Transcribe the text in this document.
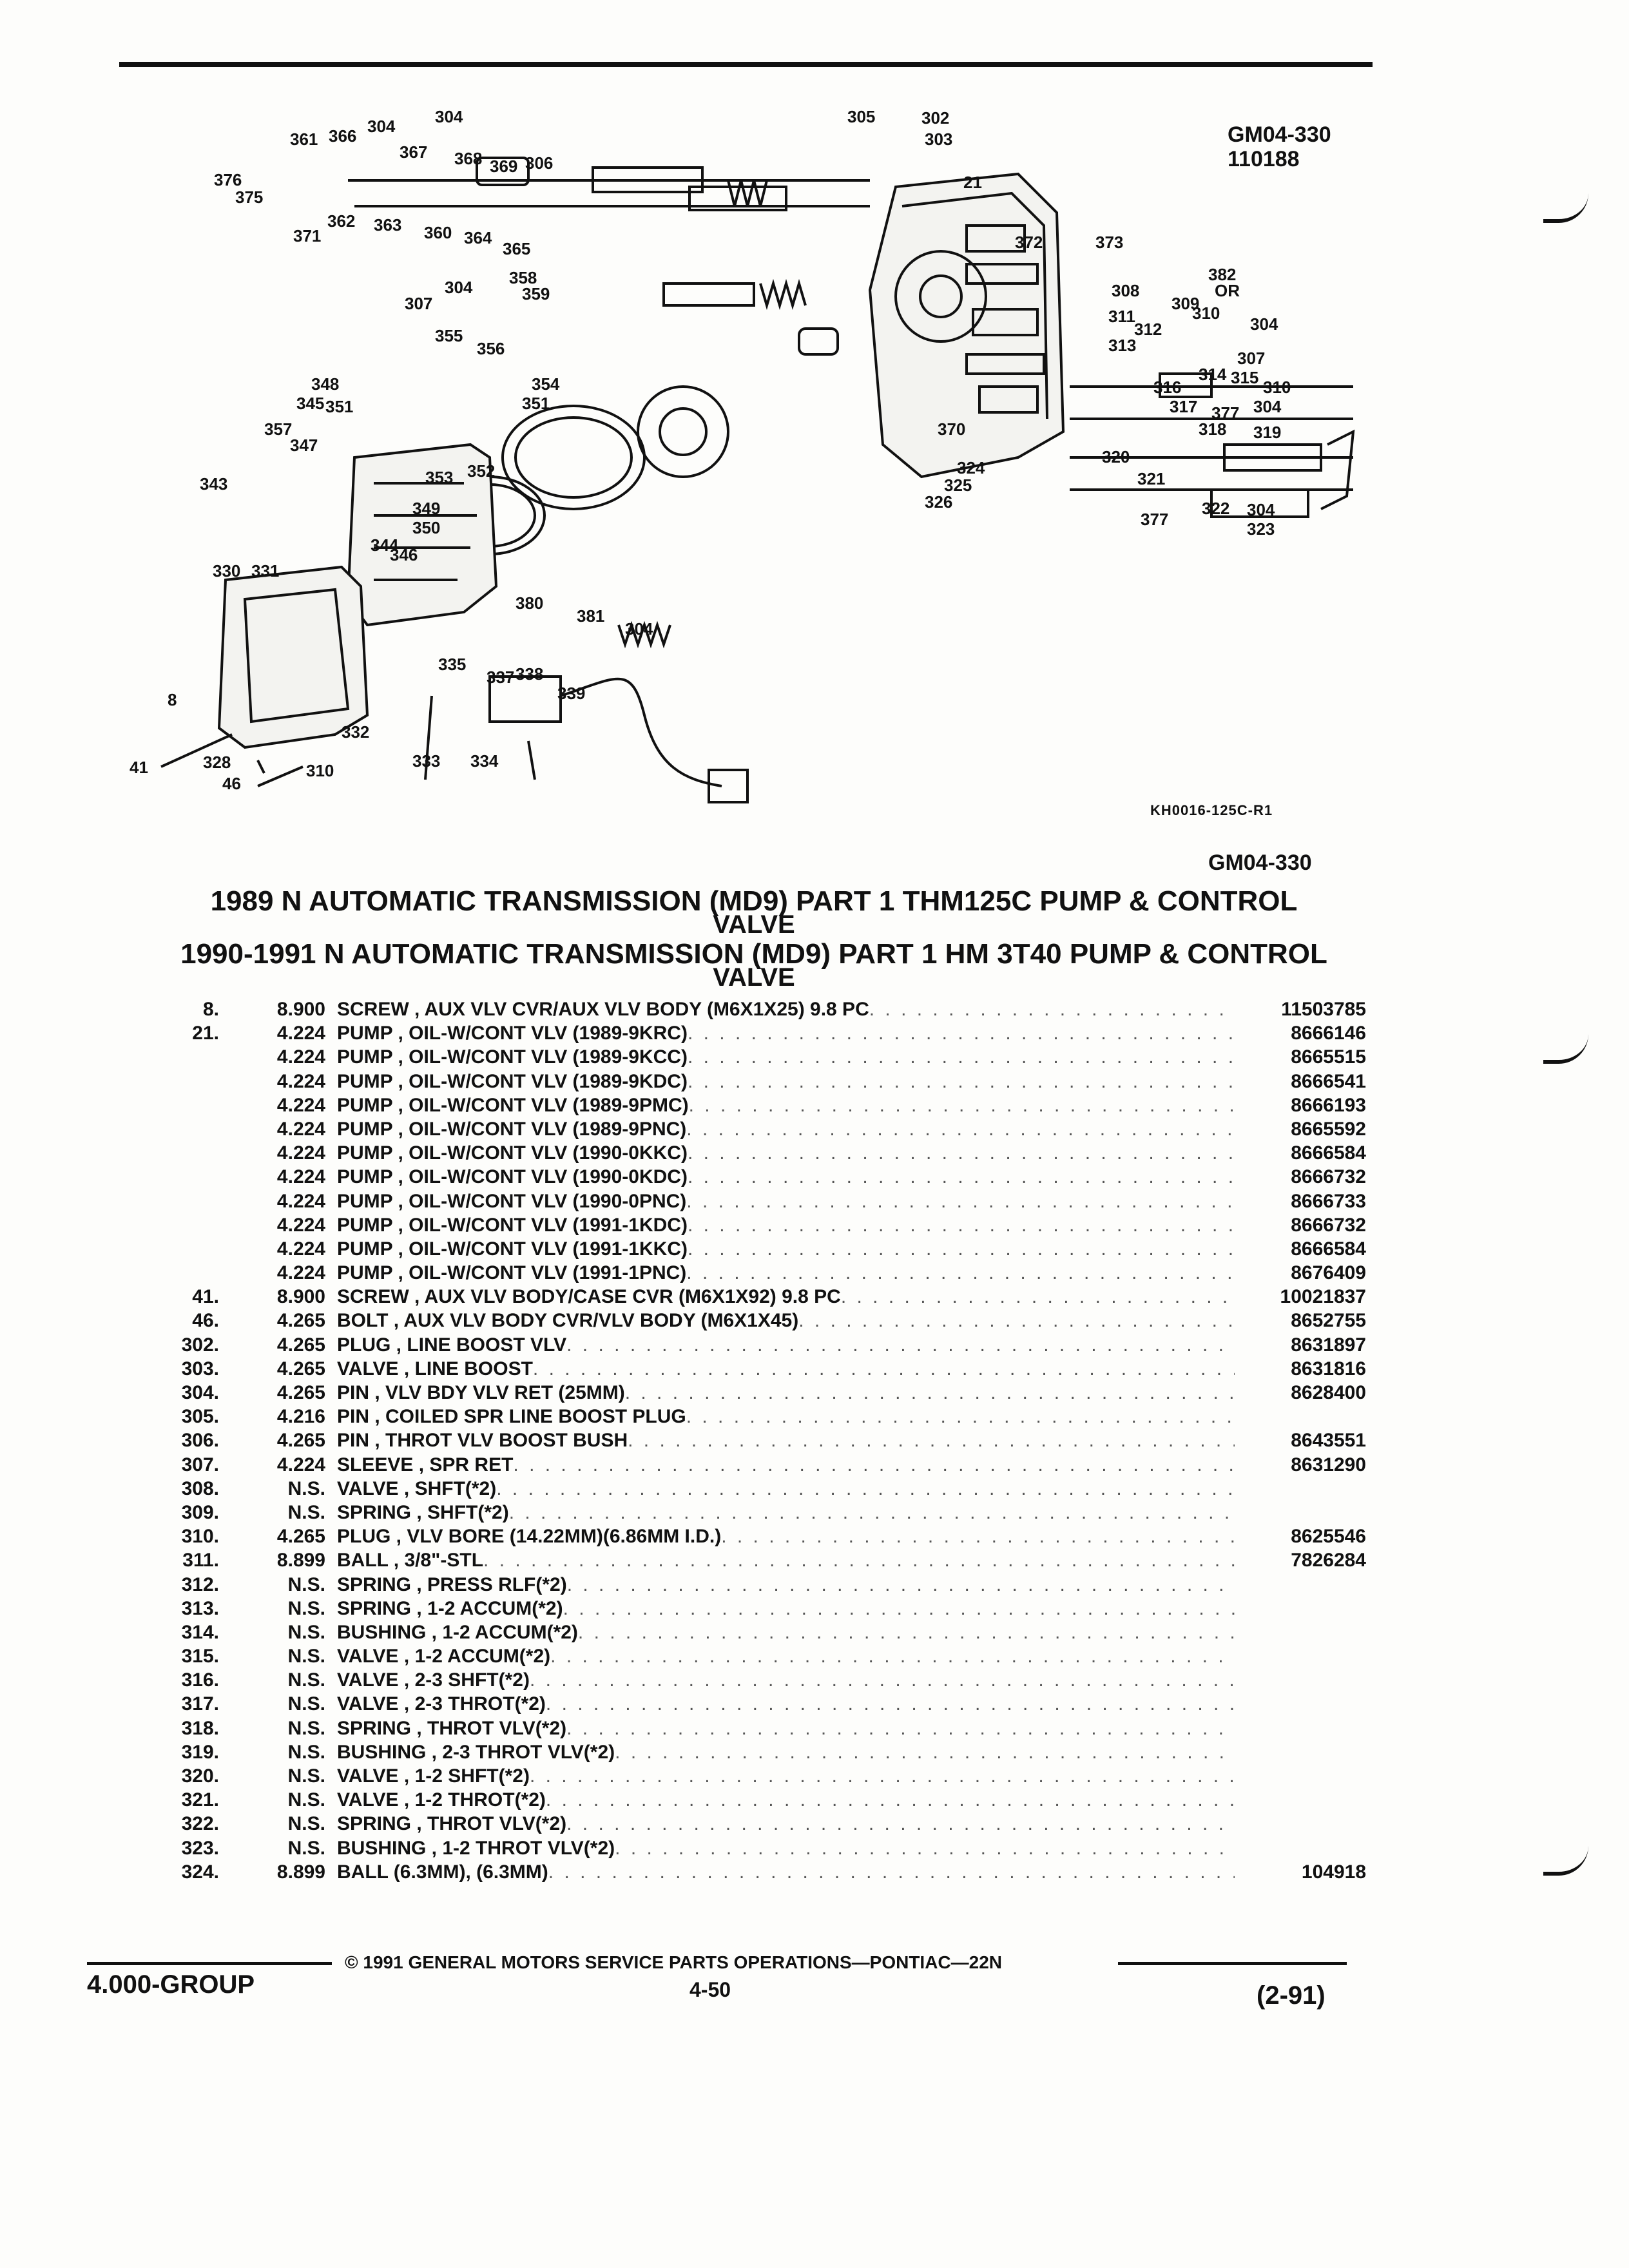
GM04-330
110188
305	302
303
304
366
361
367 368 369 306
304
376
375
21
362 363 360 364
365
371	372	373
382
OR
309
310
304
308
358
359
304
307
311
312
313
307
355
356
354
351
314 315 310
304
316
317 377
318 319
348
345 351
357
347
370
324
325
326
320
321
322 304
323
377
343	353 352
349
350
344
346
330 331
380
381
304
335
337 338
339
8
332
41	328
46
310	333 334
KH0016-125C-R1
GM04-330
1989 N AUTOMATIC TRANSMISSION (MD9) PART 1 THM125C PUMP & CONTROL
VALVE
1990-1991 N AUTOMATIC TRANSMISSION (MD9) PART 1 HM 3T40 PUMP & CONTROL
VALVE
8.	8.900 SCREW , AUX VLV CVR/AUX VLV BODY (M6X1X25) 9.8 PC . . .	11503785
21.	4.224 PUMP , OIL-W/CONT VLV (1989-9KRC) . . .	8666146
4.224 PUMP , OIL-W/CONT VLV (1989-9KCC) . . .	8665515
4.224 PUMP , OIL-W/CONT VLV (1989-9KDC) . . .	8666541
4.224 PUMP , OIL-W/CONT VLV (1989-9PMC) . . .	8666193
4.224 PUMP , OIL-W/CONT VLV (1989-9PNC) . . .	8665592
4.224 PUMP , OIL-W/CONT VLV (1990-0KKC) . . .	8666584
4.224 PUMP , OIL-W/CONT VLV (1990-0KDC) . . .	8666732
4.224 PUMP , OIL-W/CONT VLV (1990-0PNC) . . .	8666733
4.224 PUMP , OIL-W/CONT VLV (1991-1KDC) . . .	8666732
4.224 PUMP , OIL-W/CONT VLV (1991-1KKC) . . .	8666584
4.224 PUMP , OIL-W/CONT VLV (1991-1PNC) . . .	8676409
41.	8.900 SCREW , AUX VLV BODY/CASE CVR (M6X1X92) 9.8 PC . . .	10021837
46.	4.265 BOLT , AUX VLV BODY CVR/VLV BODY (M6X1X45) . . .	8652755
302.	4.265 PLUG , LINE BOOST VLV . . .	8631897
303.	4.265 VALVE , LINE BOOST . . .	8631816
304.	4.265 PIN , VLV BDY VLV RET (25MM) . . .	8628400
305.	4.216 PIN , COILED SPR LINE BOOST PLUG
. . .
306.	4.265 PIN , THROT VLV BOOST BUSH . . .	8643551
307.	4.224 SLEEVE , SPR RET . . .	8631290
308.	N.S. VALVE , SHFT(*2)
. . .
309.	N.S. SPRING , SHFT(*2)
. . .
310.	4.265 PLUG , VLV BORE (14.22MM)(6.86MM I.D.) . . .	8625546
311.	8.899 BALL , 3/8"-STL . . .	7826284
312.	N.S. SPRING , PRESS RLF(*2)
. . .
313.	N.S. SPRING , 1-2 ACCUM(*2)
. . .
314.	N.S. BUSHING , 1-2 ACCUM(*2)
. . .
315.	N.S. VALVE , 1-2 ACCUM(*2)
. . .
316.	N.S. VALVE , 2-3 SHFT(*2)
. . .
317.	N.S. VALVE , 2-3 THROT(*2)
. . .
318.	N.S. SPRING , THROT VLV(*2)
. . .
319.	N.S. BUSHING , 2-3 THROT VLV(*2)
. . .
320.	N.S. VALVE , 1-2 SHFT(*2)
. . .
321.	N.S. VALVE , 1-2 THROT(*2)
. . .
322.	N.S. SPRING , THROT VLV(*2)
. . .
323.	N.S. BUSHING , 1-2 THROT VLV(*2)
. . .
324.	8.899 BALL (6.3MM), (6.3MM) . . .	104918
© 1991 GENERAL MOTORS SERVICE PARTS OPERATIONS—PONTIAC—22N
4.000-GROUP	4-50	(2-91)
